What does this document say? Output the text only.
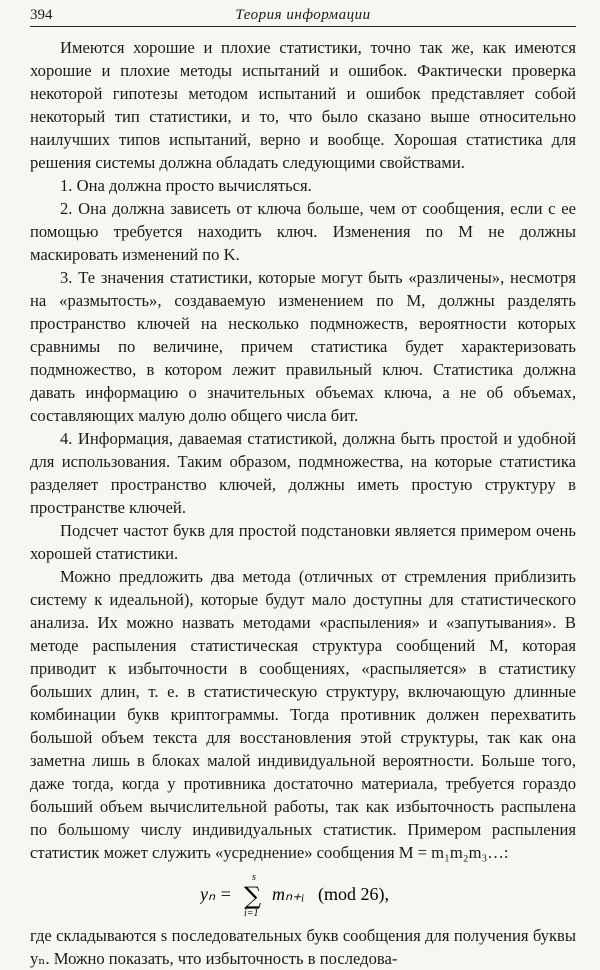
394	Теория информации

Имеются хорошие и плохие статистики, точно так же, как имеются хорошие и плохие методы испытаний и ошибок. Фактически проверка некоторой гипотезы методом испытаний и ошибок представляет собой некоторый тип статистики, и то, что было сказано выше относительно наилучших типов испытаний, верно и вообще. Хорошая статистика для решения системы должна обладать следующими свойствами.

1. Она должна просто вычисляться.

2. Она должна зависеть от ключа больше, чем от сообщения, если с ее помощью требуется находить ключ. Изменения по M не должны маскировать изменений по K.

3. Те значения статистики, которые могут быть «различены», несмотря на «размытость», создаваемую изменением по M, должны разделять пространство ключей на несколько подмножеств, вероятности которых сравнимы по величине, причем статистика будет характеризовать подмножество, в котором лежит правильный ключ. Статистика должна давать информацию о значительных объемах ключа, а не об объемах, составляющих малую долю общего числа бит.

4. Информация, даваемая статистикой, должна быть простой и удобной для использования. Таким образом, подмножества, на которые статистика разделяет пространство ключей, должны иметь простую структуру в пространстве ключей.

Подсчет частот букв для простой подстановки является примером очень хорошей статистики.

Можно предложить два метода (отличных от стремления приблизить систему к идеальной), которые будут мало доступны для статистического анализа. Их можно назвать методами «распыления» и «запутывания». В методе распыления статистическая структура сообщений M, которая приводит к избыточности в сообщениях, «распыляется» в статистику больших длин, т. е. в статистическую структуру, включающую длинные комбинации букв криптограммы. Тогда противник должен перехватить большой объем текста для восстановления этой структуры, так как она заметна лишь в блоках малой индивидуальной вероятности. Больше того, даже тогда, когда у противника достаточно материала, требуется гораздо больший объем вычислительной работы, так как избыточность распылена по большому числу индивидуальных статистик. Примером распыления статистик может служить «усреднение» сообщения M = m₁m₂m₃…:

yₙ =
s
∑
i=1
mₙ₊ᵢ (mod 26),

где складываются s последовательных букв сообщения для получения буквы yₙ. Можно показать, что избыточность в последова-
